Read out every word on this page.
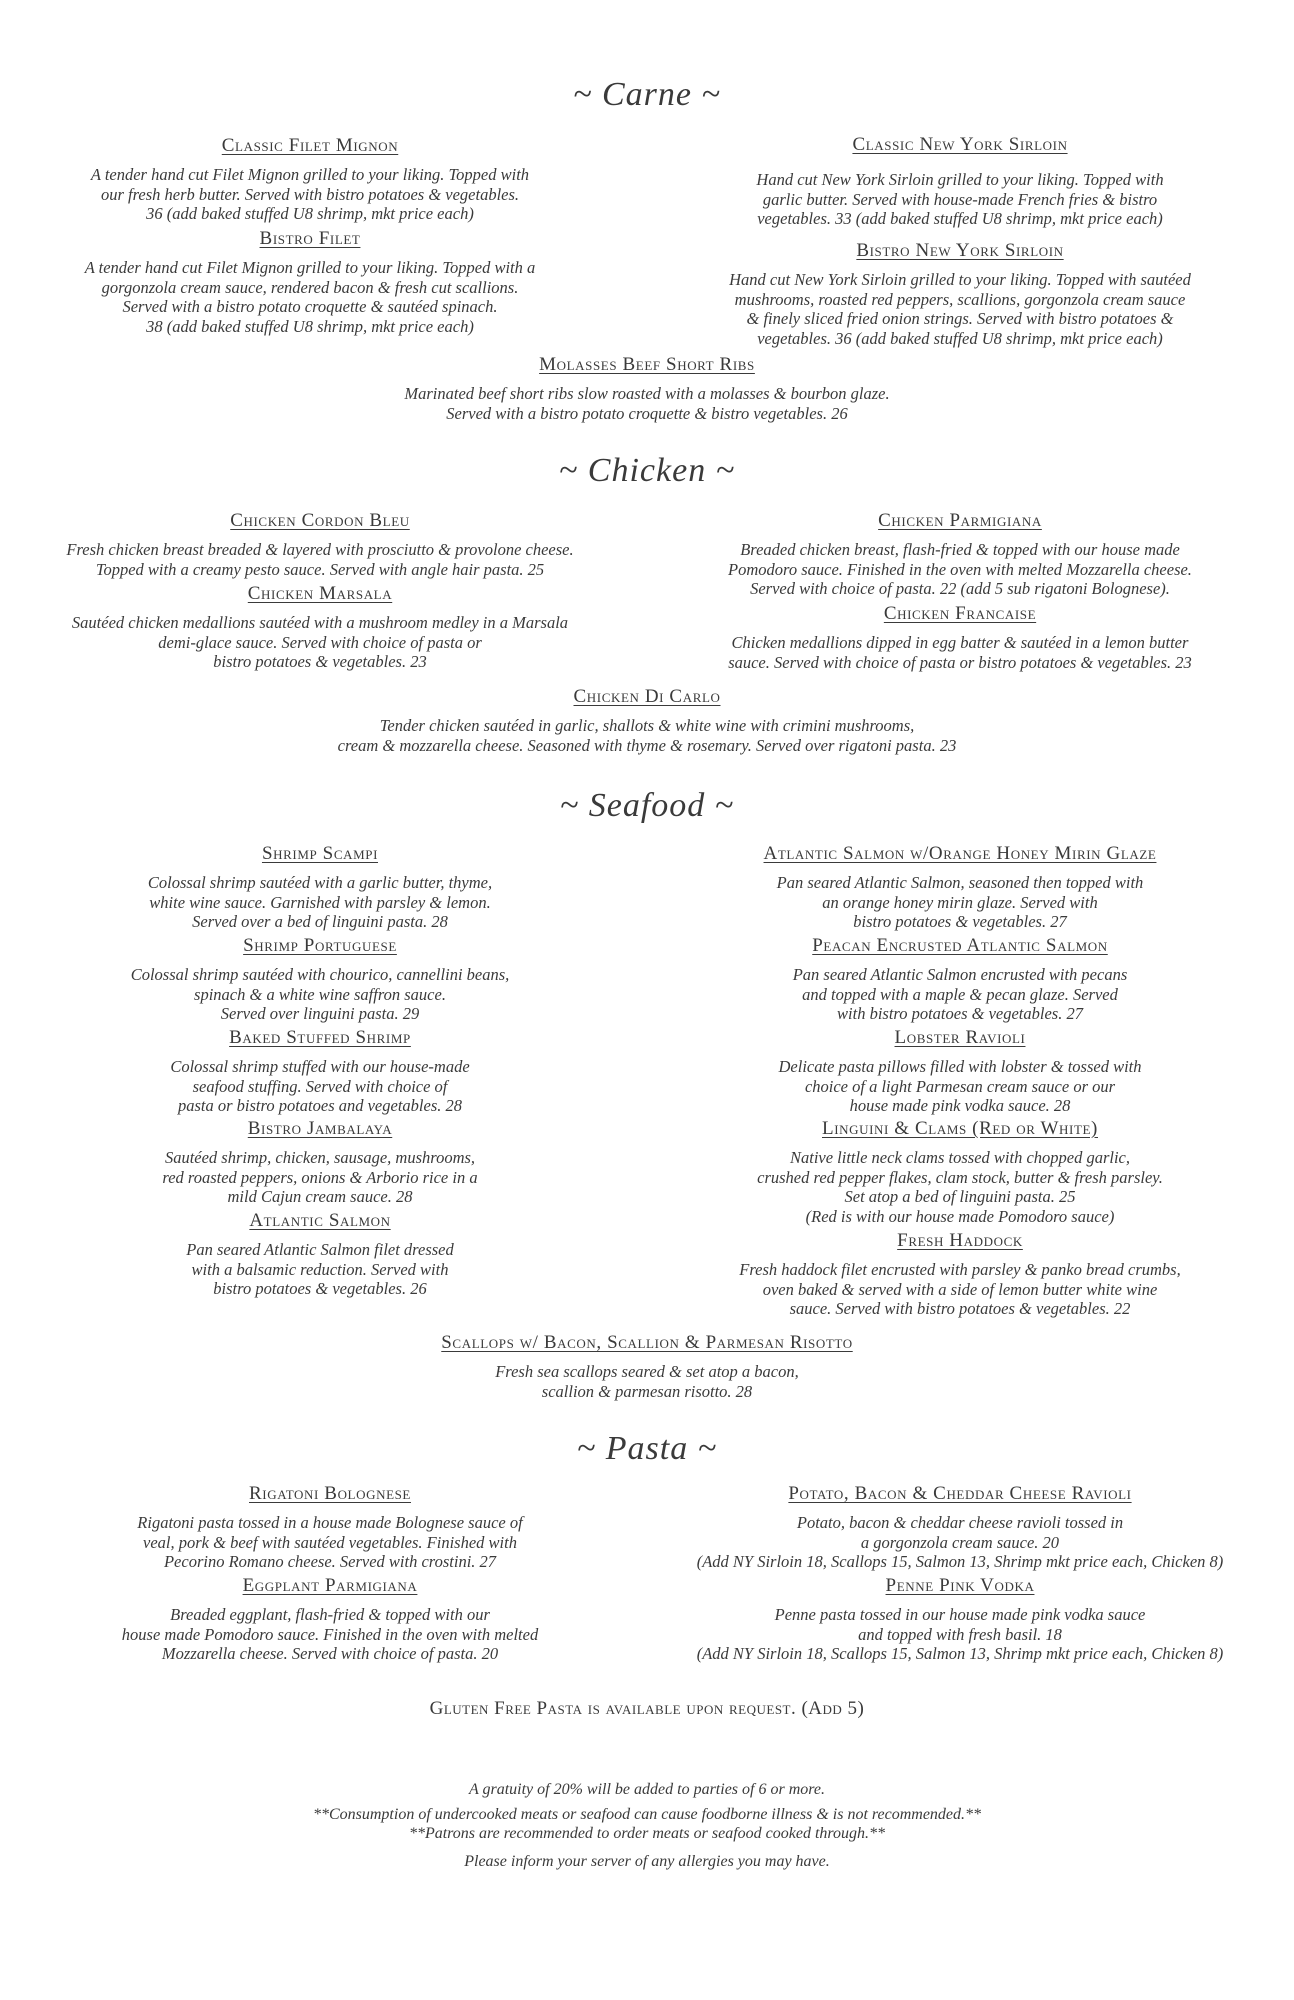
~ Carne ~
Classic Filet Mignon
A tender hand cut Filet Mignon grilled to your liking. Topped with
our fresh herb butter. Served with bistro potatoes & vegetables.
36 (add baked stuffed U8 shrimp, mkt price each)
Bistro Filet
A tender hand cut Filet Mignon grilled to your liking. Topped with a
gorgonzola cream sauce, rendered bacon & fresh cut scallions.
Served with a bistro potato croquette & sautéed spinach.
38 (add baked stuffed U8 shrimp, mkt price each)
Classic New York Sirloin
Hand cut New York Sirloin grilled to your liking. Topped with
garlic butter. Served with house-made French fries & bistro
vegetables. 33 (add baked stuffed U8 shrimp, mkt price each)
Bistro New York Sirloin
Hand cut New York Sirloin grilled to your liking. Topped with sautéed
mushrooms, roasted red peppers, scallions, gorgonzola cream sauce
& finely sliced fried onion strings. Served with bistro potatoes &
vegetables. 36 (add baked stuffed U8 shrimp, mkt price each)
Molasses Beef Short Ribs
Marinated beef short ribs slow roasted with a molasses & bourbon glaze.
Served with a bistro potato croquette & bistro vegetables. 26
~ Chicken ~
Chicken Cordon Bleu
Fresh chicken breast breaded & layered with prosciutto & provolone cheese.
Topped with a creamy pesto sauce. Served with angle hair pasta. 25
Chicken Marsala
Sautéed chicken medallions sautéed with a mushroom medley in a Marsala
demi-glace sauce. Served with choice of pasta or
bistro potatoes & vegetables. 23
Chicken Parmigiana
Breaded chicken breast, flash-fried & topped with our house made
Pomodoro sauce. Finished in the oven with melted Mozzarella cheese.
Served with choice of pasta. 22 (add 5 sub rigatoni Bolognese).
Chicken Francaise
Chicken medallions dipped in egg batter & sautéed in a lemon butter
sauce. Served with choice of pasta or bistro potatoes & vegetables. 23
Chicken Di Carlo
Tender chicken sautéed in garlic, shallots & white wine with crimini mushrooms,
cream & mozzarella cheese. Seasoned with thyme & rosemary. Served over rigatoni pasta. 23
~ Seafood ~
Shrimp Scampi
Colossal shrimp sautéed with a garlic butter, thyme,
white wine sauce. Garnished with parsley & lemon.
Served over a bed of linguini pasta. 28
Shrimp Portuguese
Colossal shrimp sautéed with chourico, cannellini beans,
spinach & a white wine saffron sauce.
Served over linguini pasta. 29
Baked Stuffed Shrimp
Colossal shrimp stuffed with our house-made
seafood stuffing. Served with choice of
pasta or bistro potatoes and vegetables. 28
Bistro Jambalaya
Sautéed shrimp, chicken, sausage, mushrooms,
red roasted peppers, onions & Arborio rice in a
mild Cajun cream sauce. 28
Atlantic Salmon
Pan seared Atlantic Salmon filet dressed
with a balsamic reduction. Served with
bistro potatoes & vegetables. 26
Atlantic Salmon w/Orange Honey Mirin Glaze
Pan seared Atlantic Salmon, seasoned then topped with
an orange honey mirin glaze. Served with
bistro potatoes & vegetables. 27
Peacan Encrusted Atlantic Salmon
Pan seared Atlantic Salmon encrusted with pecans
and topped with a maple & pecan glaze. Served
with bistro potatoes & vegetables. 27
Lobster Ravioli
Delicate pasta pillows filled with lobster & tossed with
choice of a light Parmesan cream sauce or our
house made pink vodka sauce. 28
Linguini & Clams (Red or White)
Native little neck clams tossed with chopped garlic,
crushed red pepper flakes, clam stock, butter & fresh parsley.
Set atop a bed of linguini pasta. 25
(Red is with our house made Pomodoro sauce)
Fresh Haddock
Fresh haddock filet encrusted with parsley & panko bread crumbs,
oven baked & served with a side of lemon butter white wine
sauce. Served with bistro potatoes & vegetables. 22
Scallops w/ Bacon, Scallion & Parmesan Risotto
Fresh sea scallops seared & set atop a bacon,
scallion & parmesan risotto. 28
~ Pasta ~
Rigatoni Bolognese
Rigatoni pasta tossed in a house made Bolognese sauce of
veal, pork & beef with sautéed vegetables. Finished with
Pecorino Romano cheese. Served with crostini. 27
Eggplant Parmigiana
Breaded eggplant, flash-fried & topped with our
house made Pomodoro sauce. Finished in the oven with melted
Mozzarella cheese. Served with choice of pasta. 20
Potato, Bacon & Cheddar Cheese Ravioli
Potato, bacon & cheddar cheese ravioli tossed in
a gorgonzola cream sauce. 20
(Add NY Sirloin 18, Scallops 15, Salmon 13, Shrimp mkt price each, Chicken 8)
Penne Pink Vodka
Penne pasta tossed in our house made pink vodka sauce
and topped with fresh basil. 18
(Add NY Sirloin 18, Scallops 15, Salmon 13, Shrimp mkt price each, Chicken 8)
Gluten Free Pasta is available upon request. (Add 5)
A gratuity of 20% will be added to parties of 6 or more.
**Consumption of undercooked meats or seafood can cause foodborne illness & is not recommended.**
**Patrons are recommended to order meats or seafood cooked through.**
Please inform your server of any allergies you may have.
